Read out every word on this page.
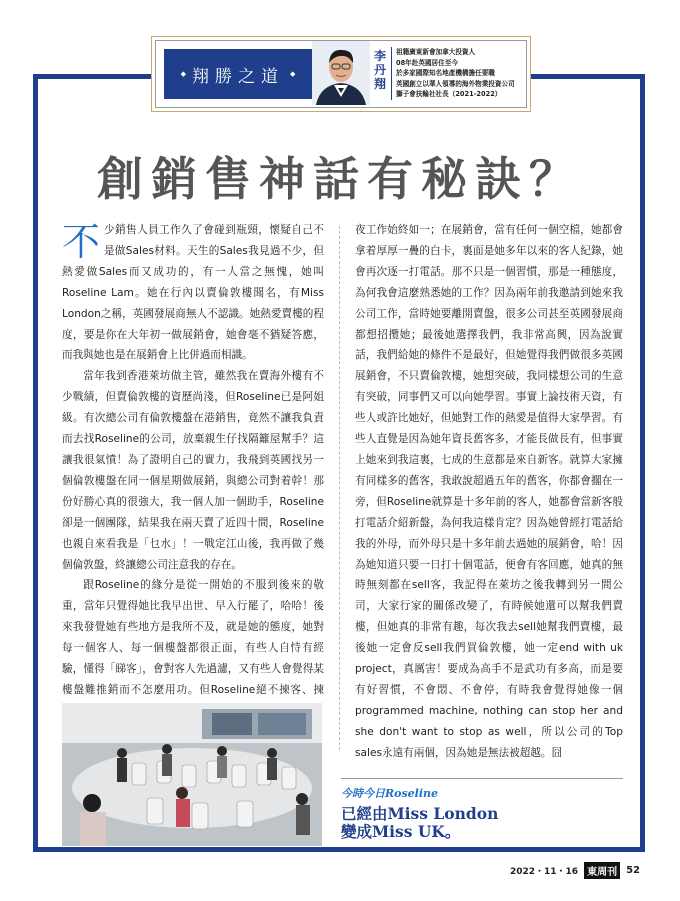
◆ 翔勝之道 ◆
李丹翔
祖籍廣東新會加拿大投資人
08年赴英國居住至今
於多家國際知名地產機構擔任要職
英國創立以華人領導的海外物業投資公司
獅子會扶輪社社長（2021-2022）
創銷售神話有秘訣？

不少銷售人員工作久了會碰到瓶頸，懷疑自己不是做Sales材料。天生的Sales我見過不少，但熱愛做Sales而又成功的，有一人當之無愧，她叫Roseline Lam。她在行內以賣倫敦樓聞名，有Miss London之稱，英國發展商無人不認識。她熱愛賣樓的程度，要是你在大年初一做展銷會，她會毫不猶疑答應，而我與她也是在展銷會上比併過而相識。

當年我到香港萊坊做主管，雖然我在賣海外樓有不少戰績，但賣倫敦樓的資歷尚淺，但Roseline已是阿姐級。有次總公司有倫敦樓盤在港銷售，竟然不讓我負責而去找Roseline的公司，放棄親生仔找隔籬屋幫手？這讓我很氣憤！為了證明自己的實力，我飛到英國找另一個倫敦樓盤在同一個星期做展銷，與總公司對着幹！那份好勝心真的很強大，我一個人加一個助手，Roseline卻是一個團隊，結果我在兩天賣了近四十間，Roseline也親自來看我是「乜水」！一戰定江山後，我再做了幾個倫敦盤，終讓總公司注意我的存在。

跟Roseline的緣分是從一開始的不服到後來的敬重，當年只覺得她比我早出世、早入行罷了，哈哈！後來我發覺她有些地方是我所不及，就是她的態度，她對每一個客人、每一個樓盤都很正面，有些人自恃有經驗，懂得「睇客」，會對客人先過濾，又有些人會覺得某樓盤難推銷而不怎麼用功。但Roseline絕不揀客、揀

夜工作始終如一；在展銷會，當有任何一個空檔，她都會拿着厚厚一疊的白卡，裏面是她多年以來的客人紀錄，她會再次逐一打電話。那不只是一個習慣，那是一種態度，為何我會這麼熟悉她的工作？因為兩年前我邀請到她來我公司工作，當時她要離開賣盤，很多公司甚至英國發展商都想招攬她；最後她選擇我們，我非常高興，因為說實話，我們給她的條件不是最好，但她覺得我們做很多英國展銷會，不只賣倫敦樓，她想突破，我同樣想公司的生意有突破，同事們又可以向她學習。事實上論技術天資，有些人或許比她好，但她對工作的熱愛是值得大家學習。有些人直覺是因為她年資長舊客多，才能長做長有，但事實上她來到我這裏，七成的生意都是來自新客。就算大家擁有同樣多的舊客，我敢說超過五年的舊客，你都會擱在一旁，但Roseline就算是十多年前的客人，她都會當新客般打電話介紹新盤，為何我這樣肯定？因為她曾經打電話給我的外母，而外母只是十多年前去過她的展銷會，哈！因為她知道只要一日打十個電話，便會有客回應，她真的無時無刻都在sell客，我記得在萊坊之後我轉到另一間公司，大家行家的關係改變了，有時候她還可以幫我們賣樓，但她真的非常有趣，每次我去sell她幫我們賣樓，最後她一定會反sell我們買倫敦樓，她一定end with uk project，真厲害！要成為高手不是武功有多高，而是要有好習慣，不會悶、不會停，有時我會覺得她像一個programmed machine, nothing can stop her and she don't want to stop as well，所以公司的Top sales永遠有兩個，因為她是無法被超越。囧

今時今日Roseline
已經由Miss London
變成Miss UK。
2022・11・16 東周刊 52
